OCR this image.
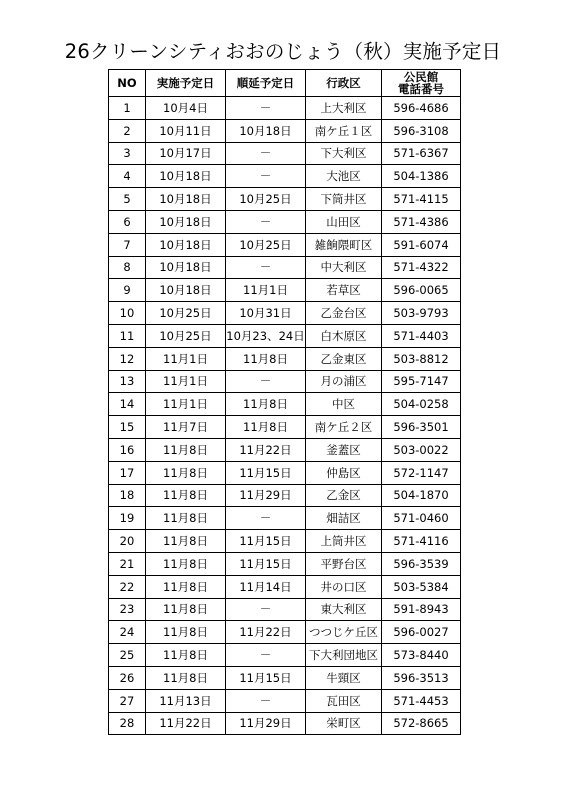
26クリーンシティおおのじょう（秋）実施予定日
NO	実施予定日	順延予定日	行政区	公民館
電話番号

1	10月4日	－	上大利区	596-4686
2	10月11日	10月18日	南ケ丘１区	596-3108
3	10月17日	－	下大利区	571-6367
4	10月18日	－	大池区	504-1386
5	10月18日	10月25日	下筒井区	571-4115
6	10月18日	－	山田区	571-4386
7	10月18日	10月25日	雑餉隈町区	591-6074
8	10月18日	－	中大利区	571-4322
9	10月18日	11月1日	若草区	596-0065
10	10月25日	10月31日	乙金台区	503-9793
11	10月25日	10月23、24日	白木原区	571-4403
12	11月1日	11月8日	乙金東区	503-8812
13	11月1日	－	月の浦区	595-7147
14	11月1日	11月8日	中区	504-0258
15	11月7日	11月8日	南ケ丘２区	596-3501
16	11月8日	11月22日	釜蓋区	503-0022
17	11月8日	11月15日	仲島区	572-1147
18	11月8日	11月29日	乙金区	504-1870
19	11月8日	－	畑詰区	571-0460
20	11月8日	11月15日	上筒井区	571-4116
21	11月8日	11月15日	平野台区	596-3539
22	11月8日	11月14日	井の口区	503-5384
23	11月8日	－	東大利区	591-8943
24	11月8日	11月22日	つつじケ丘区	596-0027
25	11月8日	－	下大利団地区	573-8440
26	11月8日	11月15日	牛頸区	596-3513
27	11月13日	－	瓦田区	571-4453
28	11月22日	11月29日	栄町区	572-8665
